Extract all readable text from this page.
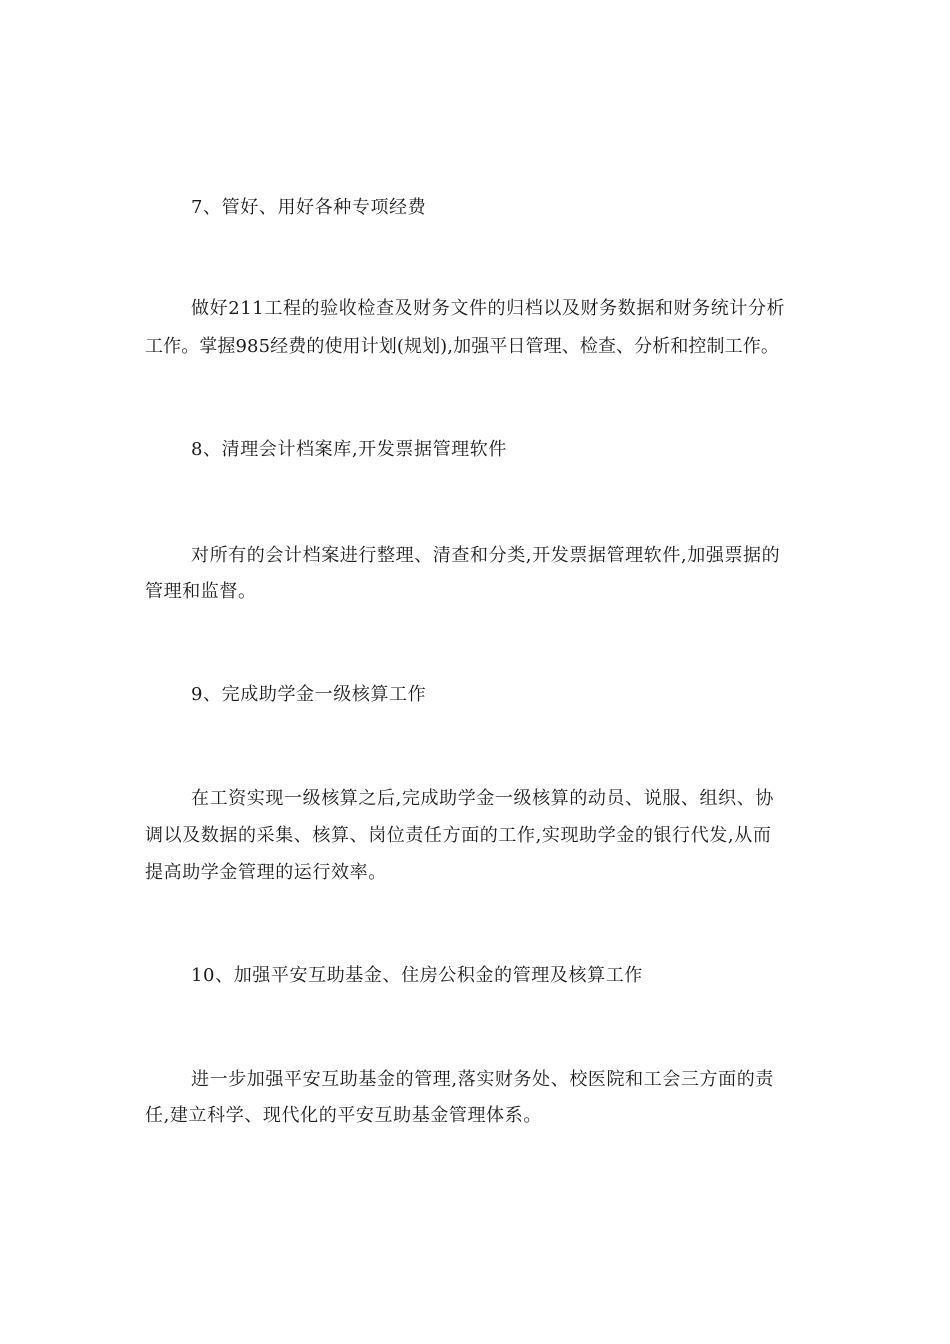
7、管好、用好各种专项经费
做好211工程的验收检查及财务文件的归档以及财务数据和财务统计分析
工作。掌握985经费的使用计划(规划),加强平日管理、检查、分析和控制工作。
8、清理会计档案库,开发票据管理软件
对所有的会计档案进行整理、清查和分类,开发票据管理软件,加强票据的
管理和监督。
9、完成助学金一级核算工作
在工资实现一级核算之后,完成助学金一级核算的动员、说服、组织、协
调以及数据的采集、核算、岗位责任方面的工作,实现助学金的银行代发,从而
提高助学金管理的运行效率。
10、加强平安互助基金、住房公积金的管理及核算工作
进一步加强平安互助基金的管理,落实财务处、校医院和工会三方面的责
任,建立科学、现代化的平安互助基金管理体系。
